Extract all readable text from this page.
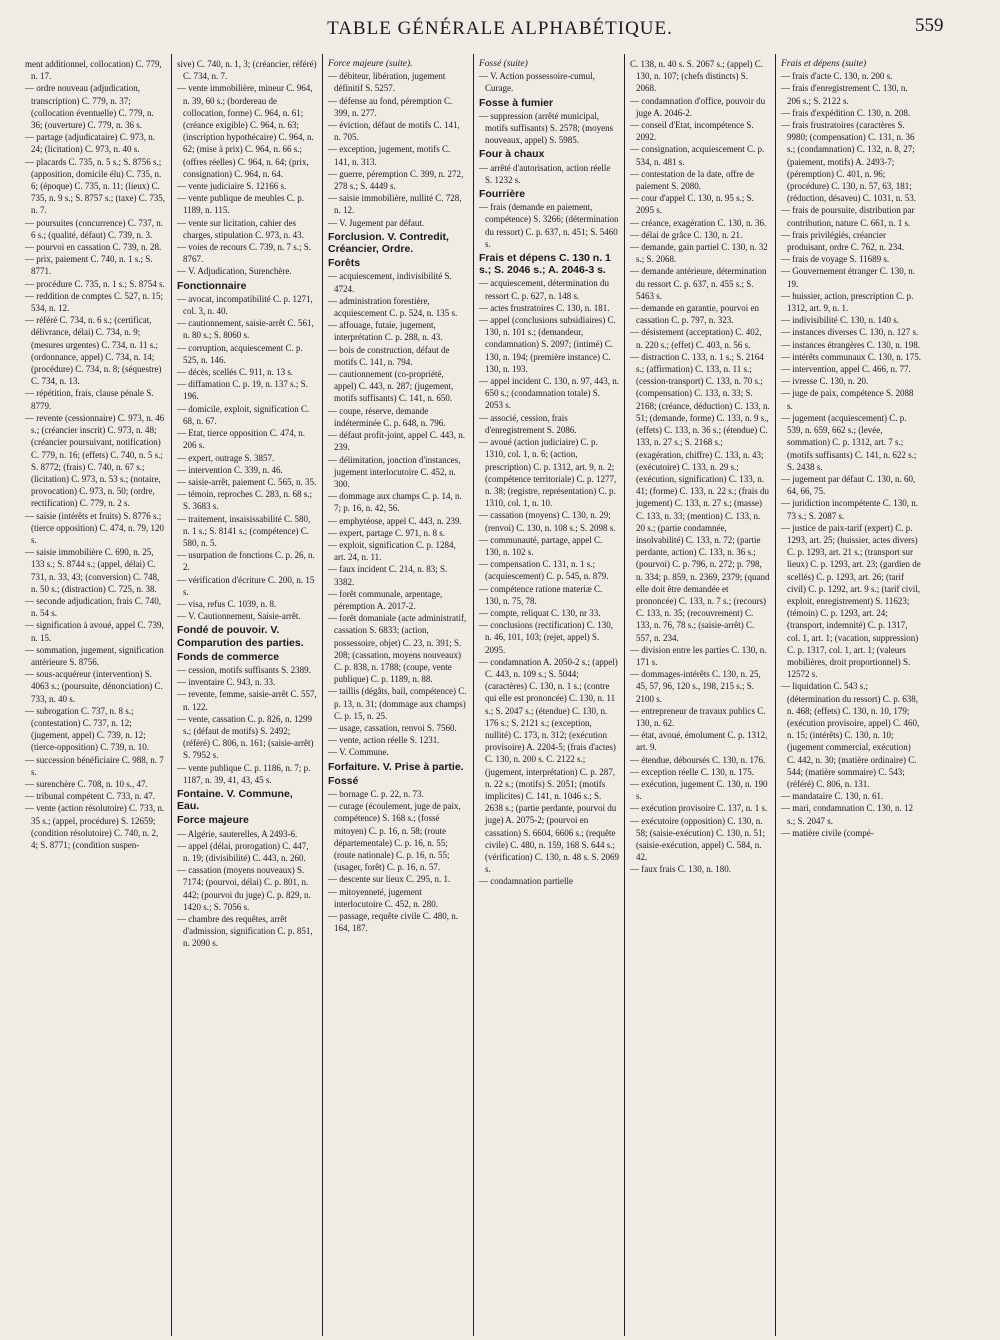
TABLE GÉNÉRALE ALPHABÉTIQUE.	559
ment additionnel, collocation) C. 779, n. 17.
— ordre nouveau (adjudication, transcription) C. 779, n. 37; (collocation éventuelle) C. 779, n. 36; (ouverture) C. 779, n. 36 s.
— partage (adjudicataire) C. 973, n. 24; (licitation) C. 973, n. 40 s.
— placards C. 735, n. 5 s.; S. 8756 s.; (apposition, domicile élu) C. 735, n. 6; (époque) C. 735, n. 11; (lieux) C. 735, n. 9 s.; S. 8757 s.; (taxe) C. 735, n. 7.
— poursuites (concurrence) C. 737, n. 6 s.; (qualité, défaut) C. 739, n. 3.
— pourvoi en cassation C. 739, n. 28.
— prix, paiement C. 740, n. 1 s.; S. 8771.
— procédure C. 735, n. 1 s.; S. 8754 s.
— reddition de comptes C. 527, n. 15; 534, n. 12.
— référé C. 734, n. 6 s.; (certificat, délivrance, délai) C. 734, n. 9; (mesures urgentes) C. 734, n. 11 s.; (ordonnance, appel) C. 734, n. 14; (procédure) C. 734, n. 8; (séquestre) C. 734, n. 13.
— répétition, frais, clause pénale S. 8779.
— revente (cessionnaire) C. 973, n. 46 s.; (créancier inscrit) C. 973, n. 48; (créancier poursuivant, notification) C. 779, n. 16; (effets) C. 740, n. 5 s.; S. 8772; (frais) C. 740, n. 67 s.; (licitation) C. 973, n. 53 s.; (notaire, provocation) C. 973, n. 50; (ordre, rectification) C. 779, n. 2 s.
— saisie (intérêts et fruits) S. 8776 s.; (tierce opposition) C. 474, n. 79, 120 s.
— saisie immobilière C. 690, n. 25, 133 s.; S. 8744 s.; (appel, délai) C. 731, n. 33, 43; (conversion) C. 748, n. 50 s.; (distraction) C. 725, n. 38.
— seconde adjudication, frais C. 740, n. 54 s.
— signification à avoué, appel C. 739, n. 15.
— sommation, jugement, signification antérieure S. 8756.
— sous-acquéreur (intervention) S. 4063 s.; (poursuite, dénonciation) C. 733, n. 40 s.
— subrogation C. 737, n. 8 s.; (contestation) C. 737, n. 12; (jugement, appel) C. 739, n. 12; (tierce-opposition) C. 739, n. 10.
— succession bénéficiaire C. 988, n. 7 s.
— surenchère C. 708, n. 10 s., 47.
— tribunal compétent C. 733, n. 47.
— vente (action résolutoire) C. 733, n. 35 s.; (appel, procédure) S. 12659; (condition résolutoire) C. 740, n. 2, 4; S. 8771; (condition suspen-
sive) C. 740, n. 1, 3; (créancier, référé) C. 734, n. 7.
— vente immobilière, mineur C. 964, n. 39, 60 s.; (bordereau de collocation, forme) C. 964, n. 61; (créance exigible) C. 964, n. 63; (inscription hypothécaire) C. 964, n. 62; (mise à prix) C. 964, n. 66 s.; (offres réelles) C. 964, n. 64; (prix, consignation) C. 964, n. 64.
— vente judiciaire S. 12166 s.
— vente publique de meubles C. p. 1189, n. 115.
— vente sur licitation, cahier des charges, stipulation C. 973, n. 43.
— voies de recours C. 739, n. 7 s.; S. 8767.
— V. Adjudication, Surenchère.
Fonctionnaire
— avocat, incompatibilité C. p. 1271, col. 3, n. 40.
— cautionnement, saisie-arrêt C. 561, n. 80 s.; S. 8060 s.
— corruption, acquiescement C. p. 525, n. 146.
— décès, scellés C. 911, n. 13 s.
— diffamation C. p. 19, n. 137 s.; S. 196.
— domicile, exploit, signification C. 68, n. 67.
— Etat, tierce opposition C. 474, n. 206 s.
— expert, outrage S. 3857.
— intervention C. 339, n. 46.
— saisie-arrêt, paiement C. 565, n. 35.
— témoin, reproches C. 283, n. 68 s.; S. 3683 s.
— traitement, insaisissabilité C. 580, n. 1 s.; S. 8141 s.; (compétence) C. 580, n. 5.
— usurpation de fonctions C. p. 26, n. 2.
— vérification d'écriture C. 200, n. 15 s.
— visa, refus C. 1039, n. 8.
— V. Cautionnement, Saisie-arrêt.
Fondé de pouvoir. V. Comparution des parties.
Fonds de commerce
— cession, motifs suffisants S. 2389.
— inventaire C. 943, n. 33.
— revente, femme, saisie-arrêt C. 557, n. 122.
— vente, cassation C. p. 826, n. 1299 s.; (défaut de motifs) S. 2492; (référé) C. 806, n. 161; (saisie-arrêt) S. 7952 s.
— vente publique C. p. 1186, n. 7; p. 1187, n. 39, 41, 43, 45 s.
Fontaine. V. Commune, Eau.
Force majeure
— Algérie, sauterelles, A 2493-6.
— appel (délai, prorogation) C. 447, n. 19; (divisibilité) C. 443, n. 260.
— cassation (moyens nouveaux) S. 7174; (pourvoi, délai) C. p. 801, n. 442; (pourvoi du juge) C. p. 829, n. 1420 s.; S. 7056 s.
— chambre des requêtes, arrêt d'admission, signification C. p. 851, n. 2090 s.
Force majeure (suite).
— débiteur, libération, jugement définitif S. 5257.
— défense au fond, péremption C. 399, n. 277.
— éviction, défaut de motifs C. 141, n. 705.
— exception, jugement, motifs C. 141, n. 313.
— guerre, péremption C. 399, n. 272, 278 s.; S. 4449 s.
— saisie immobilière, nullité C. 728, n. 12.
— V. Jugement par défaut.
Forclusion. V. Contredit, Créancier, Ordre.
Forêts
— acquiescement, indivisibilité S. 4724.
— administration forestière, acquiescement C. p. 524, n. 135 s.
— affouage, futaie, jugement, interprétation C. p. 288, n. 43.
— bois de construction, défaut de motifs C. 141, n. 794.
— cautionnement (co-propriété, appel) C. 443, n. 287; (jugement, motifs suffisants) C. 141, n. 650.
— coupe, réserve, demande indéterminée C. p. 648, n. 796.
— défaut profit-joint, appel C. 443, n. 239.
— délimitation, jonction d'instances, jugement interlocutoire C. 452, n. 300.
— dommage aux champs C. p. 14, n. 7; p. 16, n. 42, 56.
— emphytéose, appel C. 443, n. 239.
— expert, partage C. 971, n. 8 s.
— exploit, signification C. p. 1284, art. 24, n. 11.
— faux incident C. 214, n. 83; S. 3382.
— forêt communale, arpentage, péremption A. 2017-2.
— forêt domaniale (acte administratif, cassation S. 6833; (action, possessoire, objet) C. 23, n. 391; S. 208; (cassation, moyens nouveaux) C. p. 838, n. 1788; (coupe, vente publique) C. p. 1189, n. 88.
— taillis (dégâts, bail, compétence) C. p. 13, n. 31; (dommage aux champs) C. p. 15, n. 25.
— usage, cassation, renvoi S. 7560.
— vente, action réelle S. 1231.
— V. Commune.
Forfaiture. V. Prise à partie.
Fossé
— bornage C. p. 22, n. 73.
— curage (écoulement, juge de paix, compétence) S. 168 s.; (fossé mitoyen) C. p. 16, n. 58; (route départementale) C. p. 16, n. 55; (route nationale) C. p. 16, n. 55; (usager, forêt) C. p. 16, n. 57.
— descente sur lieux C. 295, n. 1.
— mitoyenneté, jugement interlocutoire C. 452, n. 280.
— passage, requête civile C. 480, n. 164, 187.
Fossé (suite)
— V. Action possessoire-cumul, Curage.
Fosse à fumier
— suppression (arrêté municipal, motifs suffisants) S. 2578; (moyens nouveaux, appel) S. 5985.
Four à chaux
— arrêté d'autorisation, action réelle S. 1232 s.
Fourrière
— frais (demande en paiement, compétence) S. 3266; (détermination du ressort) C. p. 637, n. 451; S. 5460 s.
Frais et dépens C. 130 n. 1 s.; S. 2046 s.; A. 2046-3 s.
— acquiescement, détermination du ressort C. p. 627, n. 148 s.
— actes frustratoires C. 130, n. 181.
— appel (conclusions subsidiaires) C. 130, n. 101 s.; (demandeur, condamnation) S. 2097; (intimé) C. 130, n. 194; (première instance) C. 130, n. 193.
— appel incident C. 130, n. 97, 443, n. 650 s.; (condamnation totale) S. 2053 s.
— associé, cession, frais d'enregistrement S. 2086.
— avoué (action judiciaire) C. p. 1310, col. 1, n. 6; (action, prescription) C. p. 1312, art. 9, n. 2; (compétence territoriale) C. p. 1277, n. 38; (registre, représentation) C. p. 1310, col. 1, n. 10.
— cassation (moyens) C. 130, n. 29; (renvoi) C. 130, n. 108 s.; S. 2098 s.
— communauté, partage, appel C. 130, n. 102 s.
— compensation C. 131, n. 1 s.; (acquiescement) C. p. 545, n. 879.
— compétence ratione materiæ C. 130, n. 75, 78.
— compte, reliquat C. 130, nr 33.
— conclusions (rectification) C. 130, n. 46, 101, 103; (rejet, appel) S. 2095.
— condamnation A. 2050-2 s.; (appel) C. 443, n. 109 s.; S. 5044; (caractères) C. 130, n. 1 s.; (contre qui elle est prononcée) C. 130, n. 11 s.; S. 2047 s.; (étendue) C. 130, n. 176 s.; S. 2121 s.; (exception, nullité) C. 173, n. 312; (exécution provisoire) A. 2204-5; (frais d'actes) C. 130, n. 200 s. C. 2122 s.; (jugement, interprétation) C. p. 287, n. 22 s.; (motifs) S. 2051; (motifs implicites) C. 141, n. 1046 s.; S. 2638 s.; (partie perdante, pourvoi du juge) A. 2075-2; (pourvoi en cassation) S. 6604, 6606 s.; (requête civile) C. 480, n. 159, 168 S. 644 s.; (vérification) C. 130, n. 48 s. S. 2069 s.
— condamnation partielle
C. 138, n. 40 s. S. 2067 s.; (appel) C. 130, n. 107; (chefs distincts) S. 2068.
— condamnation d'office, pouvoir du juge A. 2046-2.
— conseil d'Etat, incompétence S. 2092.
— consignation, acquiescement C. p. 534, n. 481 s.
— contestation de la date, offre de paiement S. 2080.
— cour d'appel C. 130, n. 95 s.; S. 2095 s.
— créance, exagération C. 130, n. 36.
— délai de grâce C. 130, n. 21.
— demande, gain partiel C. 130, n. 32 s.; S. 2068.
— demande antérieure, détermination du ressort C. p. 637, n. 455 s.; S. 5463 s.
— demande en garantie, pourvoi en cassation C. p. 797, n. 323.
— désistement (acceptation) C. 402, n. 220 s.; (effet) C. 403, n. 56 s.
— distraction C. 133, n. 1 s.; S. 2164 s.; (affirmation) C. 133, n. 11 s.; (cession-transport) C. 133, n. 70 s.; (compensation) C. 133, n. 33; S. 2168; (créance, déduction) C. 133, n. 51; (demande, forme) C. 133, n. 9 s., (effets) C. 133, n. 36 s.; (étendue) C. 133, n. 27 s.; S. 2168 s.; (exagération, chiffre) C. 133, n. 43; (exécutoire) C. 133, n. 29 s.; (exécution, signification) C. 133, n. 41; (forme) C. 133, n. 22 s.; (frais du jugement) C. 133, n. 27 s.; (masse) C. 133, n. 33; (mention) C. 133, n. 20 s.; (partie condamnée, insolvabilité) C. 133, n. 72; (partie perdante, action) C. 133, n. 36 s.; (pourvoi) C. p. 796, n. 272; p. 798, n. 334; p. 859, n. 2369, 2379; (quand elle doit être demandée et prononcée) C. 133, n. 7 s.; (recours) C. 133, n. 35; (recouvrement) C. 133, n. 76, 78 s.; (saisie-arrêt) C. 557, n. 234.
— division entre les parties C. 130, n. 171 s.
— dommages-intérêts C. 130, n. 25, 45, 57, 96, 120 s., 198, 215 s.; S. 2100 s.
— entrepreneur de travaux publics C. 130, n. 62.
— état, avoué, émolument C. p. 1312, art. 9.
— étendue, déboursés C. 130, n. 176.
— exception réelle C. 130, n. 175.
— exécution, jugement C. 130, n. 190 s.
— exécution provisoire C. 137, n. 1 s.
— exécutoire (opposition) C. 130, n. 58; (saisie-exécution) C. 130, n. 51; (saisie-exécution, appel) C. 584, n. 42.
— faux frais C. 130, n. 180.
Frais et dépens (suite)
— frais d'acte C. 130, n. 200 s.
— frais d'enregistrement C. 130, n. 206 s.; S. 2122 s.
— frais d'expédition C. 130, n. 208.
— frais frustratoires (caractères S. 9980; (compensation) C. 131, n. 36 s.; (condamnation) C. 132, n. 8, 27; (paiement, motifs) A. 2493-7; (péremption) C. 401, n. 96; (procédure) C. 130, n. 57, 63, 181; (réduction, désaveu) C. 1031, n. 53.
— frais de poursuite, distribution par contribution, nature C. 661, n. 1 s.
— frais privilégiés, créancier produisant, ordre C. 762, n. 234.
— frais de voyage S. 11689 s.
— Gouvernement étranger C. 130, n. 19.
— huissier, action, prescription C. p. 1312, art. 9, n. 1.
— indivisibilité C. 130, n. 140 s.
— instances diverses C. 130, n. 127 s.
— instances étrangères C. 130, n. 198.
— intérêts communaux C. 130, n. 175.
— intervention, appel C. 466, n. 77.
— ivresse C. 130, n. 20.
— juge de paix, compétence S. 2088 s.
— jugement (acquiescement) C. p. 539, n. 659, 662 s.; (levée, sommation) C. p. 1312, art. 7 s.; (motifs suffisants) C. 141, n. 622 s.; S. 2438 s.
— jugement par défaut C. 130, n. 60, 64, 66, 75.
— juridiction incompétente C. 130, n. 73 s.; S. 2087 s.
— justice de paix-tarif (expert) C. p. 1293, art. 25; (huissier, actes divers) C. p. 1293, art. 21 s.; (transport sur lieux) C. p. 1293, art. 23; (gardien de scellés) C. p. 1293, art. 26; (tarif civil) C. p. 1292, art. 9 s.; (tarif civil, exploit, enregistrement) S. 11623; (témoin) C. p. 1293, art. 24; (transport, indemnité) C. p. 1317, col. 1, art. 1; (vacation, suppression) C. p. 1317, col. 1, art. 1; (valeurs mobilières, droit proportionnel) S. 12572 s.
— liquidation C. 543 s.; (détermination du ressort) C. p. 638, n. 468; (effets) C. 130, n. 10, 179; (exécution provisoire, appel) C. 460, n. 15; (intérêts) C. 130, n. 10; (jugement commercial, exécution) C. 442, n. 30; (matière ordinaire) C. 544; (matière sommaire) C. 543; (référé) C. 806, n. 131.
— mandataire C. 130, n. 61.
— mari, condamnation C. 130, n. 12 s.; S. 2047 s.
— matière civile (compé-
